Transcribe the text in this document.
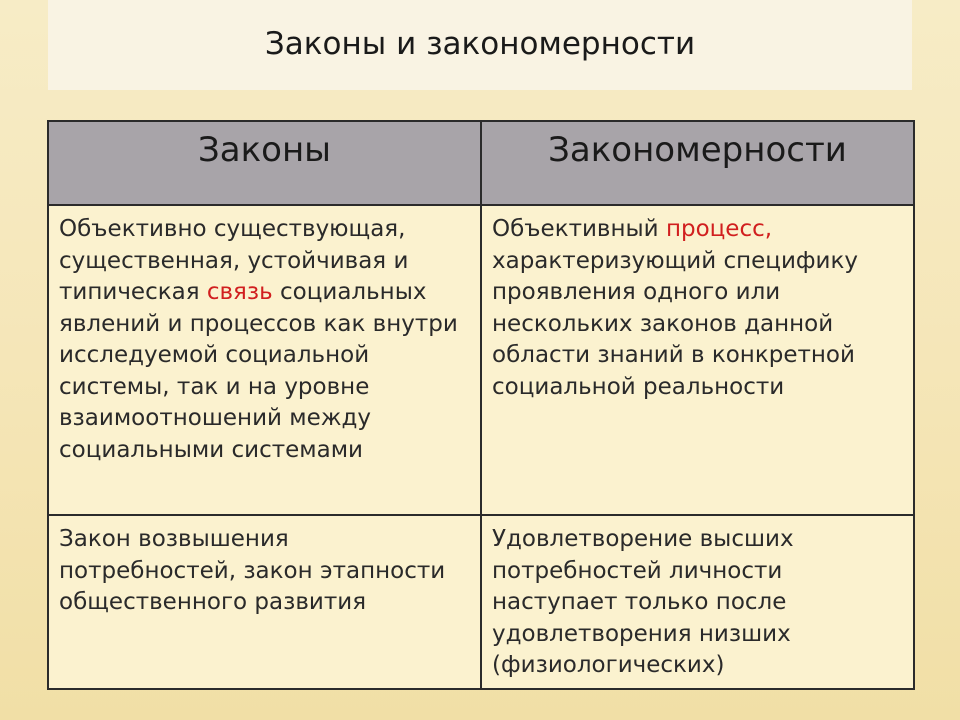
Законы и закономерности
Законы	Закономерности
Объективно существующая, существенная, устойчивая и типическая связь социальных явлений и процессов как внутри исследуемой социальной системы, так и на уровне взаимоотношений между социальными системами	Объективный процесс, характеризующий специфику проявления одного или нескольких законов данной области знаний в конкретной социальной реальности
Закон возвышения потребностей, закон этапности общественного развития	Удовлетворение высших потребностей личности наступает только после удовлетворения низших (физиологических)
